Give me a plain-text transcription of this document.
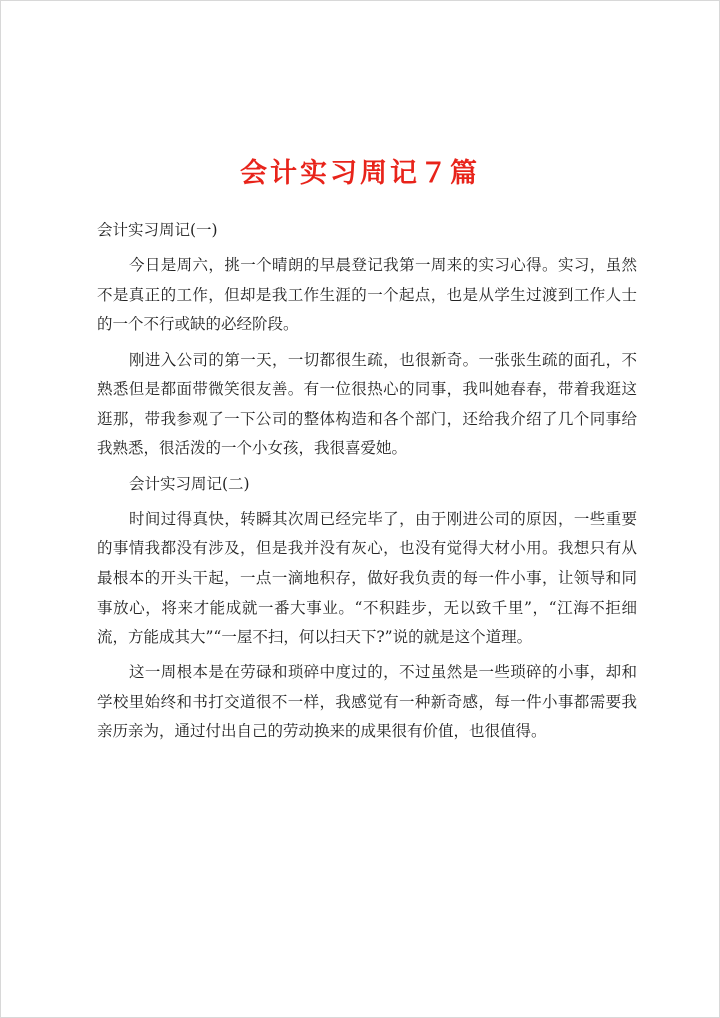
会计实习周记７篇

会计实习周记(一)

今日是周六，挑一个晴朗的早晨登记我第一周来的实习心得。实习，虽然不是真正的工作，但却是我工作生涯的一个起点，也是从学生过渡到工作人士的一个不行或缺的必经阶段。

刚进入公司的第一天，一切都很生疏，也很新奇。一张张生疏的面孔，不熟悉但是都面带微笑很友善。有一位很热心的同事，我叫她春春，带着我逛这逛那，带我参观了一下公司的整体构造和各个部门，还给我介绍了几个同事给我熟悉，很活泼的一个小女孩，我很喜爱她。

会计实习周记(二)

时间过得真快，转瞬其次周已经完毕了，由于刚进公司的原因，一些重要的事情我都没有涉及，但是我并没有灰心，也没有觉得大材小用。我想只有从最根本的开头干起，一点一滴地积存，做好我负责的每一件小事，让领导和同事放心，将来才能成就一番大事业。“不积跬步，无以致千里”，“江海不拒细流，方能成其大”“一屋不扫，何以扫天下?”说的就是这个道理。

这一周根本是在劳碌和琐碎中度过的，不过虽然是一些琐碎的小事，却和学校里始终和书打交道很不一样，我感觉有一种新奇感，每一件小事都需要我亲历亲为，通过付出自己的劳动换来的成果很有价值，也很值得。
